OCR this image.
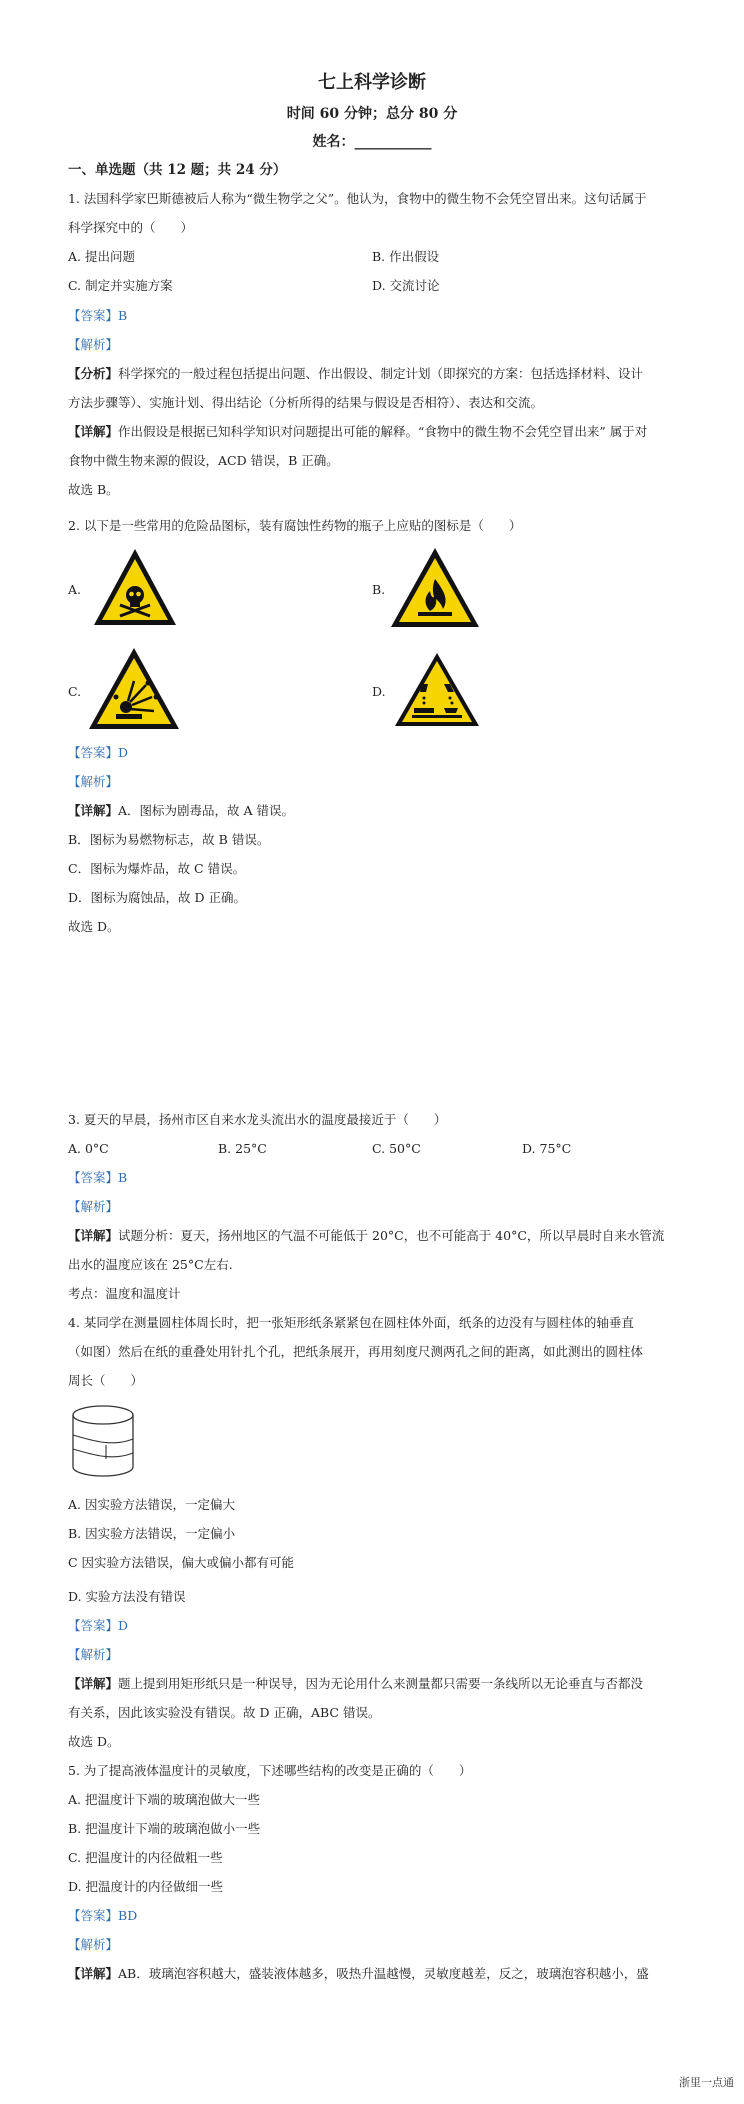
七上科学诊断
时间 60 分钟；总分 80 分
姓名：___________
一、单选题（共 12 题；共 24 分）
1. 法国科学家巴斯德被后人称为“微生物学之父”。他认为，食物中的微生物不会凭空冒出来。这句话属于
科学探究中的（　　）
A. 提出问题	B. 作出假设
C. 制定并实施方案	D. 交流讨论
【答案】B
【解析】
【分析】科学探究的一般过程包括提出问题、作出假设、制定计划（即探究的方案：包括选择材料、设计
方法步骤等）、实施计划、得出结论（分析所得的结果与假设是否相符）、表达和交流。
【详解】作出假设是根据已知科学知识对问题提出可能的解释。“食物中的微生物不会凭空冒出来” 属于对
食物中微生物来源的假设，ACD 错误，B 正确。
故选 B。
2. 以下是一些常用的危险品图标，装有腐蚀性药物的瓶子上应贴的图标是（　　）
A.	B.
C.	D.
【答案】D
【解析】
【详解】A．图标为剧毒品，故 A 错误。
B．图标为易燃物标志，故 B 错误。
C．图标为爆炸品，故 C 错误。
D．图标为腐蚀品，故 D 正确。
故选 D。
3. 夏天的早晨，扬州市区自来水龙头流出水的温度最接近于（　　）
A. 0°C	B. 25°C	C. 50°C	D. 75°C
【答案】B
【解析】
【详解】试题分析：夏天，扬州地区的气温不可能低于 20°C，也不可能高于 40°C，所以早晨时自来水管流
出水的温度应该在 25°C左右.
考点：温度和温度计
4. 某同学在测量圆柱体周长时，把一张矩形纸条紧紧包在圆柱体外面，纸条的边没有与圆柱体的轴垂直
（如图）然后在纸的重叠处用针扎个孔，把纸条展开，再用刻度尺测两孔之间的距离，如此测出的圆柱体
周长（　　）
A. 因实验方法错误，一定偏大
B. 因实验方法错误，一定偏小
C 因实验方法错误，偏大或偏小都有可能
D. 实验方法没有错误
【答案】D
【解析】
【详解】题上提到用矩形纸只是一种误导，因为无论用什么来测量都只需要一条线所以无论垂直与否都没
有关系，因此该实验没有错误。故 D 正确，ABC 错误。
故选 D。
5. 为了提高液体温度计的灵敏度，下述哪些结构的改变是正确的（　　）
A. 把温度计下端的玻璃泡做大一些
B. 把温度计下端的玻璃泡做小一些
C. 把温度计的内径做粗一些
D. 把温度计的内径做细一些
【答案】BD
【解析】
【详解】AB．玻璃泡容积越大，盛装液体越多，吸热升温越慢，灵敏度越差，反之，玻璃泡容积越小，盛
浙里一点通
